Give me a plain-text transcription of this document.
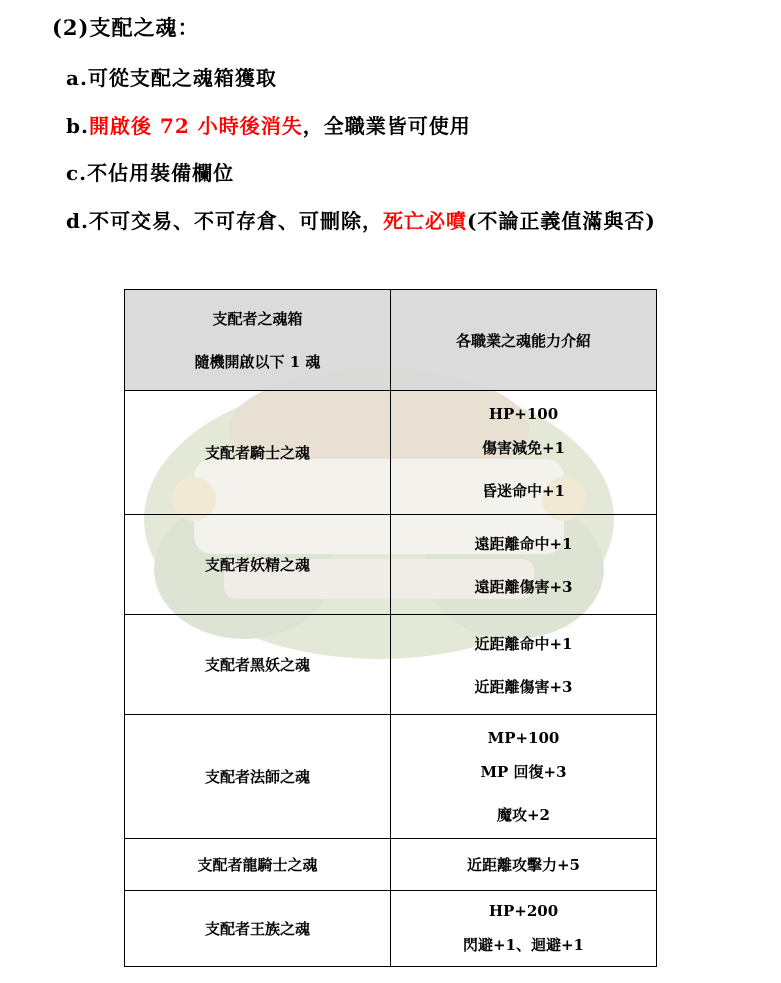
(2)支配之魂：
a.可從支配之魂箱獲取
b.開啟後 72 小時後消失，全職業皆可使用
c.不佔用裝備欄位
d.不可交易、不可存倉、可刪除，死亡必噴(不論正義值滿與否)
支配者之魂箱
隨機開啟以下 1 魂	各職業之魂能力介紹
支配者騎士之魂	HP+100
傷害減免+1
昏迷命中+1

支配者妖精之魂	遠距離命中+1
遠距離傷害+3

支配者黑妖之魂	近距離命中+1
近距離傷害+3

支配者法師之魂	MP+100
MP 回復+3
魔攻+2

支配者龍騎士之魂	近距離攻擊力+5

支配者王族之魂	HP+200
閃避+1、迴避+1
